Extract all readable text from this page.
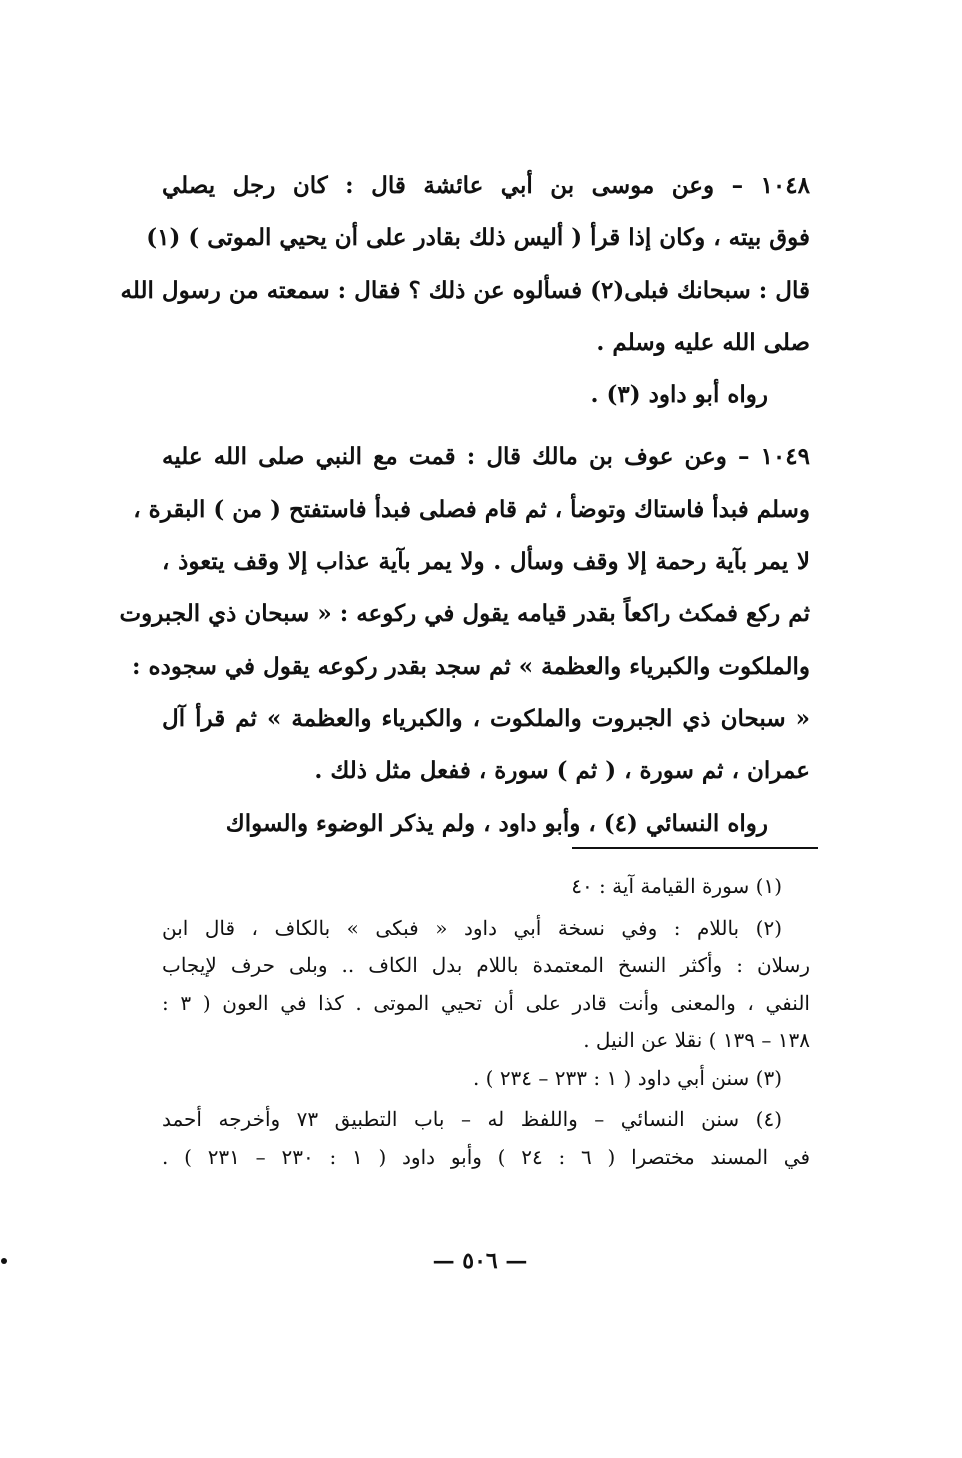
١٠٤٨ – وعن موسى بن أبي عائشة قال : كان رجل يصلي
فوق بيته ، وكان إذا قرأ ( أليس ذلك بقادر على أن يحيي الموتى ) (١)
قال : سبحانك فبلى(٢) فسألوه عن ذلك ؟ فقال : سمعته من رسول الله
صلى الله عليه وسلم .
رواه أبو داود (٣) .
١٠٤٩ – وعن عوف بن مالك قال : قمت مع النبي صلى الله عليه
وسلم فبدأ فاستاك وتوضأ ، ثم قام فصلى فبدأ فاستفتح ( من ) البقرة ،
لا يمر بآية رحمة إلا وقف وسأل . ولا يمر بآية عذاب إلا وقف يتعوذ ،
ثم ركع فمكث راكعاً بقدر قيامه يقول في ركوعه : « سبحان ذي الجبروت
والملكوت والكبرياء والعظمة » ثم سجد بقدر ركوعه يقول في سجوده :
« سبحان ذي الجبروت والملكوت ، والكبرياء والعظمة » ثم قرأ آل
عمران ، ثم سورة ، ( ثم ) سورة ، ففعل مثل ذلك .
رواه النسائي (٤) ، وأبو داود ، ولم يذكر الوضوء والسواك
(١) سورة القيامة آية : ٤٠
(٢) باللام : وفي نسخة أبي داود « فبكى » بالكاف ، قال ابن
رسلان : وأكثر النسخ المعتمدة باللام بدل الكاف .. وبلى حرف لإيجاب
النفي ، والمعنى وأنت قادر على أن تحيي الموتى . كذا في العون ( ٣ :
١٣٨ – ١٣٩ ) نقلا عن النيل .
(٣) سنن أبي داود ( ١ : ٢٣٣ – ٢٣٤ ) .
(٤) سنن النسائي – واللفظ له – باب التطبيق ٧٣ وأخرجه أحمد
في المسند مختصرا ( ٦ : ٢٤ ) وأبو داود ( ١ : ٢٣٠ – ٢٣١ ) .
— ٥٠٦ —
